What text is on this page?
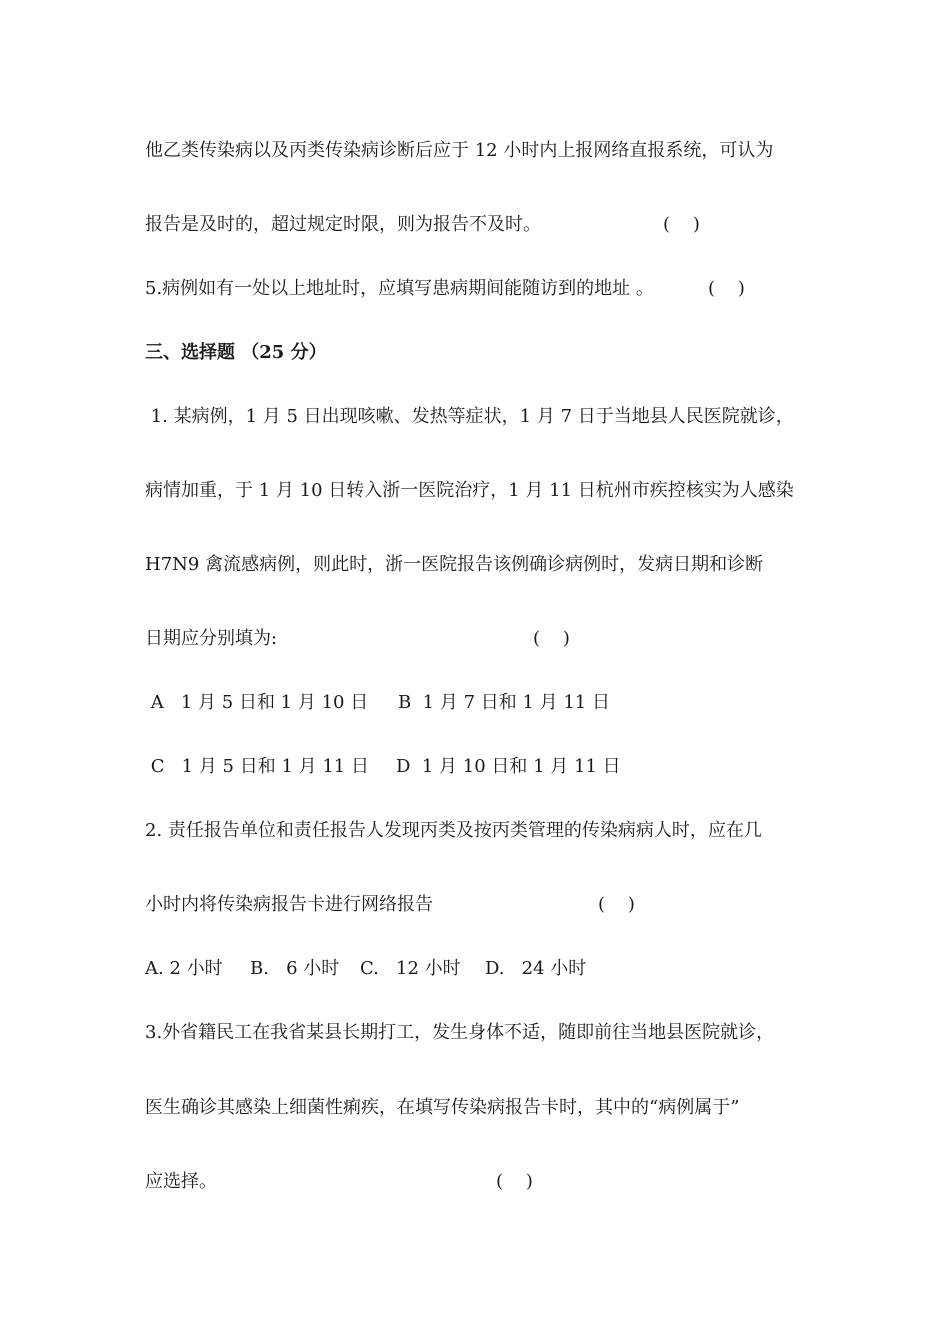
他乙类传染病以及丙类传染病诊断后应于 12 小时内上报网络直报系统，可认为
报告是及时的，超过规定时限，则为报告不及时。	(    )
5.病例如有一处以上地址时，应填写患病期间能随访到的地址 。	(    )
三、选择题 （25 分）
1. 某病例，1 月 5 日出现咳嗽、发热等症状，1 月 7 日于当地县人民医院就诊，
病情加重，于 1 月 10 日转入浙一医院治疗，1 月 11 日杭州市疾控核实为人感染
H7N9 禽流感病例，则此时，浙一医院报告该例确诊病例时，发病日期和诊断
日期应分别填为:	(    )
A   1 月 5 日和 1 月 10 日 B  1 月 7 日和 1 月 11 日
C   1 月 5 日和 1 月 11 日 D  1 月 10 日和 1 月 11 日
2. 责任报告单位和责任报告人发现丙类及按丙类管理的传染病病人时，应在几
小时内将传染病报告卡进行网络报告	(    )
A. 2 小时 B.   6 小时 C.   12 小时 D.   24 小时
3.外省籍民工在我省某县长期打工，发生身体不适，随即前往当地县医院就诊，
医生确诊其感染上细菌性痢疾，在填写传染病报告卡时，其中的“病例属于”
应选择。	(    )
